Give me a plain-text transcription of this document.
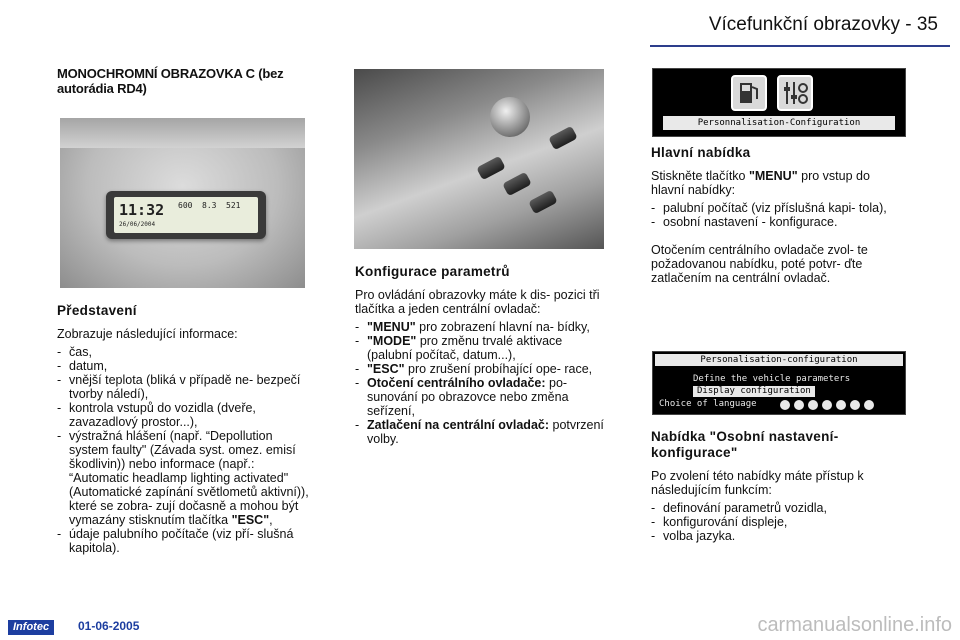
Vícefunkční obrazovky - 35
MONOCHROMNÍ OBRAZOVKA C (bez autorádia RD4)
11:32
26/06/2004
600	8.3	521
Představení

Zobrazuje následující informace:

- čas,
- datum,
- vnější teplota (bliká v případě ne- bezpečí tvorby náledí),
- kontrola vstupů do vozidla (dveře, zavazadlový prostor...),
- výstražná hlášení (např. “Depollution system faulty" (Závada syst. omez. emisí škodlivin)) nebo informace (např.: “Automatic headlamp lighting activated" (Automatické zapínání světlometů aktivní)), které se zobra- zují dočasně a mohou být vymazány stisknutím tlačítka "ESC",
- údaje palubního počítače (viz pří- slušná kapitola).
Konfigurace parametrů

Pro ovládání obrazovky máte k dis- pozici tři tlačítka a jeden centrální ovladač:

- "MENU" pro zobrazení hlavní na- bídky,
- "MODE" pro změnu trvalé aktivace (palubní počítač, datum...),
- "ESC" pro zrušení probíhající ope- race,
- Otočení centrálního ovladače: po- sunování po obrazovce nebo změna seřízení,
- Zatlačení na centrální ovladač: potvrzení volby.
Personnalisation-Configuration
Hlavní nabídka

Stiskněte tlačítko "MENU" pro vstup do hlavní nabídky:

- palubní počítač (viz příslušná kapi- tola),
- osobní nastavení - konfigurace.

Otočením centrálního ovladače zvol- te požadovanou nabídku, poté potvr- ďte zatlačením na centrální ovladač.

Personalisation-configuration
Define the vehicle parameters
Display configuration
Choice of language
Nabídka "Osobní nastavení- konfigurace"

Po zvolení této nabídky máte přístup k následujícím funkcím:

- definování parametrů vozidla,
- konfigurování displeje,
- volba jazyka.
Infotec	01-06-2005	carmanualsonline.info
